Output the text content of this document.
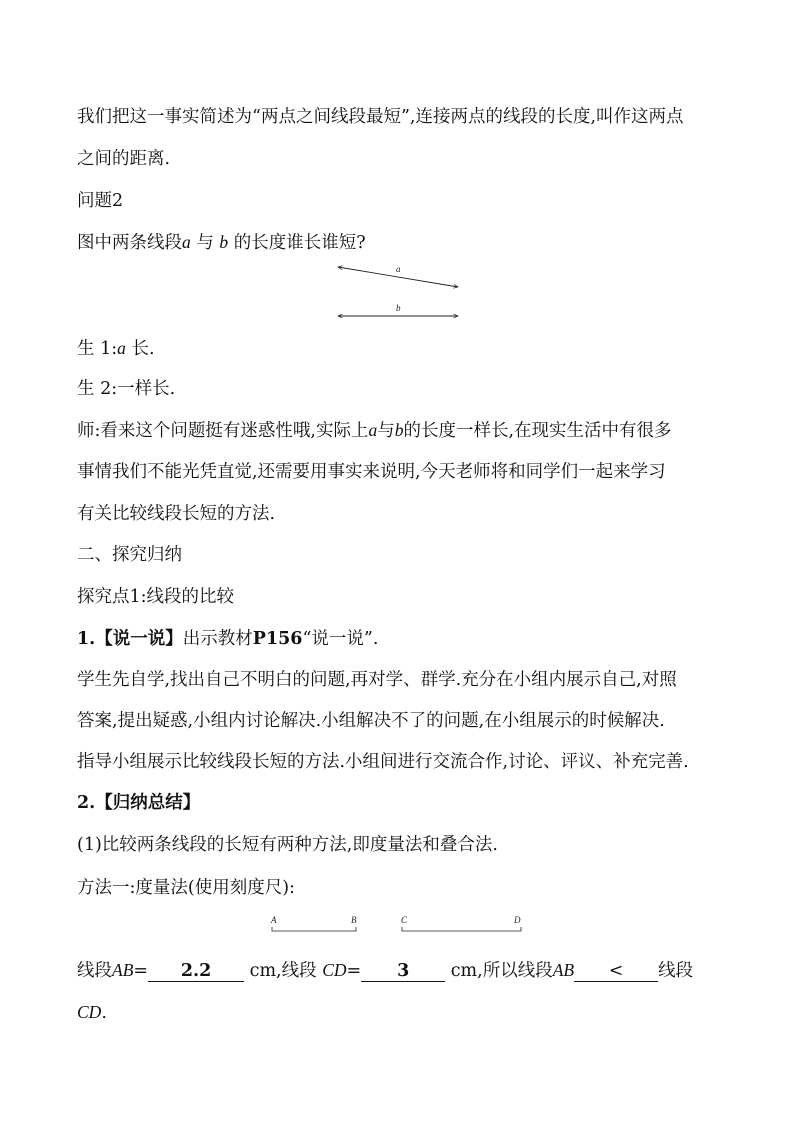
我们把这一事实简述为“两点之间线段最短”,连接两点的线段的长度,叫作这两点
之间的距离.
问题2
图中两条线段a 与 b 的长度谁长谁短?
a
b
生 1:a 长.
生 2:一样长.
师:看来这个问题挺有迷惑性哦,实际上a与b的长度一样长,在现实生活中有很多
事情我们不能光凭直觉,还需要用事实来说明,今天老师将和同学们一起来学习
有关比较线段长短的方法.
二、探究归纳
探究点1:线段的比较
1.【说一说】出示教材P156“说一说”.
学生先自学,找出自己不明白的问题,再对学、群学.充分在小组内展示自己,对照
答案,提出疑惑,小组内讨论解决.小组解决不了的问题,在小组展示的时候解决.
指导小组展示比较线段长短的方法.小组间进行交流合作,讨论、评议、补充完善.
2.【归纳总结】
(1)比较两条线段的长短有两种方法,即度量法和叠合法.
方法一:度量法(使用刻度尺):
A	B	C	D
线段AB= 2.2 cm,线段 CD= 3 cm,所以线段AB < 线段
CD.
